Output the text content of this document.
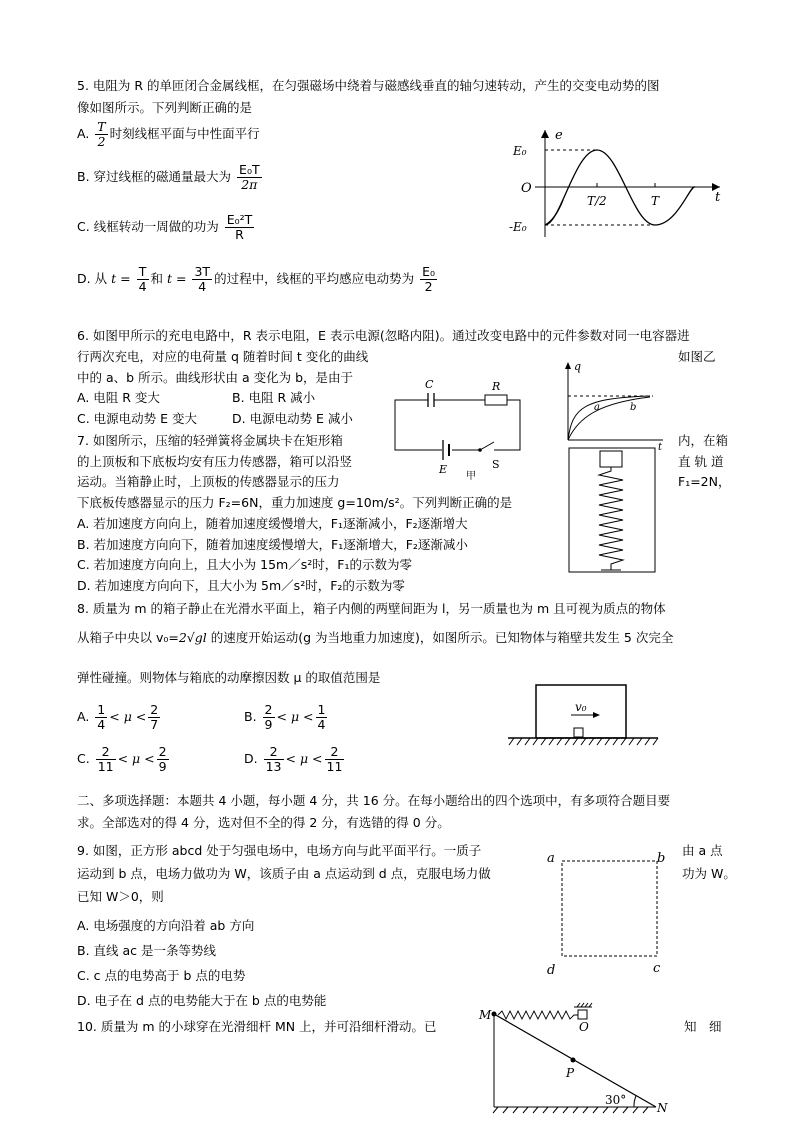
5. 电阻为 R 的单匝闭合金属线框，在匀强磁场中绕着与磁感线垂直的轴匀速转动，产生的交变电动势的图
像如图所示。下列判断正确的是
A. $\frac{T}{2}$ 时刻线框平面与中性面平行
B. 穿过线框的磁通量最大为 $\frac{\text{E₀T}}{2\pi}$
C. 线框转动一周做的功为 $\frac{\text{E₀²T}}{R}$
D. 从 $t = \frac{T}{4}$ 和 $t = \frac{3T}{4}$ 的过程中，线框的平均感应电动势为 $\frac{\text{E₀}}{2}$
e
t
O
E₀
-E₀
T/2	T
6. 如图甲所示的充电电路中，R 表示电阻，E 表示电源(忽略内阻)。通过改变电路中的元件参数对同一电容器进
行两次充电，对应的电荷量 q 随着时间 t 变化的曲线	如图乙
中的 a、b 所示。曲线形状由 a 变化为 b，是由于
A. 电阻 R 变大	B. 电阻 R 减小
C. 电源电动势 E 变大	D. 电源电动势 E 减小
C	R
E	S
甲
q
a	b
t
7. 如图所示，压缩的轻弹簧将金属块卡在矩形箱	内，在箱
的上顶板和下底板均安有压力传感器，箱可以沿竖	直 轨 道
运动。当箱静止时，上顶板的传感器显示的压力	F₁=2N，
下底板传感器显示的压力 F₂=6N，重力加速度 g=10m/s²。下列判断正确的是
A. 若加速度方向向上，随着加速度缓慢增大，F₁逐渐减小，F₂逐渐增大
B. 若加速度方向向下，随着加速度缓慢增大，F₁逐渐增大，F₂逐渐减小
C. 若加速度方向向上，且大小为 15m／s²时，F₁的示数为零
D. 若加速度方向向下，且大小为 5m／s²时，F₂的示数为零
8. 质量为 m 的箱子静止在光滑水平面上，箱子内侧的两壁间距为 l，另一质量也为 m 且可视为质点的物体
从箱子中央以 v₀=2√gl 的速度开始运动(g 为当地重力加速度)，如图所示。已知物体与箱壁共发生 5 次完全
弹性碰撞。则物体与箱底的动摩擦因数 μ 的取值范围是
A. $\frac{1}{4} < \mu < \frac{2}{7}$	B. $\frac{2}{9} < \mu < \frac{1}{4}$
C. $\frac{2}{11} < \mu < \frac{2}{9}$	D. $\frac{2}{13} < \mu < \frac{2}{11}$
v₀
二、多项选择题：本题共 4 小题，每小题 4 分，共 16 分。在每小题给出的四个选项中，有多项符合题目要
求。全部选对的得 4 分，选对但不全的得 2 分，有选错的得 0 分。
9. 如图，正方形 abcd 处于匀强电场中，电场方向与此平面平行。一质子	由 a 点
运动到 b 点，电场力做功为 W，该质子由 a 点运动到 d 点，克服电场力做	功为 W。
已知 W＞0，则
A. 电场强度的方向沿着 ab 方向
B. 直线 ac 是一条等势线
C. c 点的电势高于 b 点的电势
D. 电子在 d 点的电势能大于在 b 点的电势能
a	b
c
d
10. 质量为 m 的小球穿在光滑细杆 MN 上，并可沿细杆滑动。已	知　细
M
O
P
N
30°
